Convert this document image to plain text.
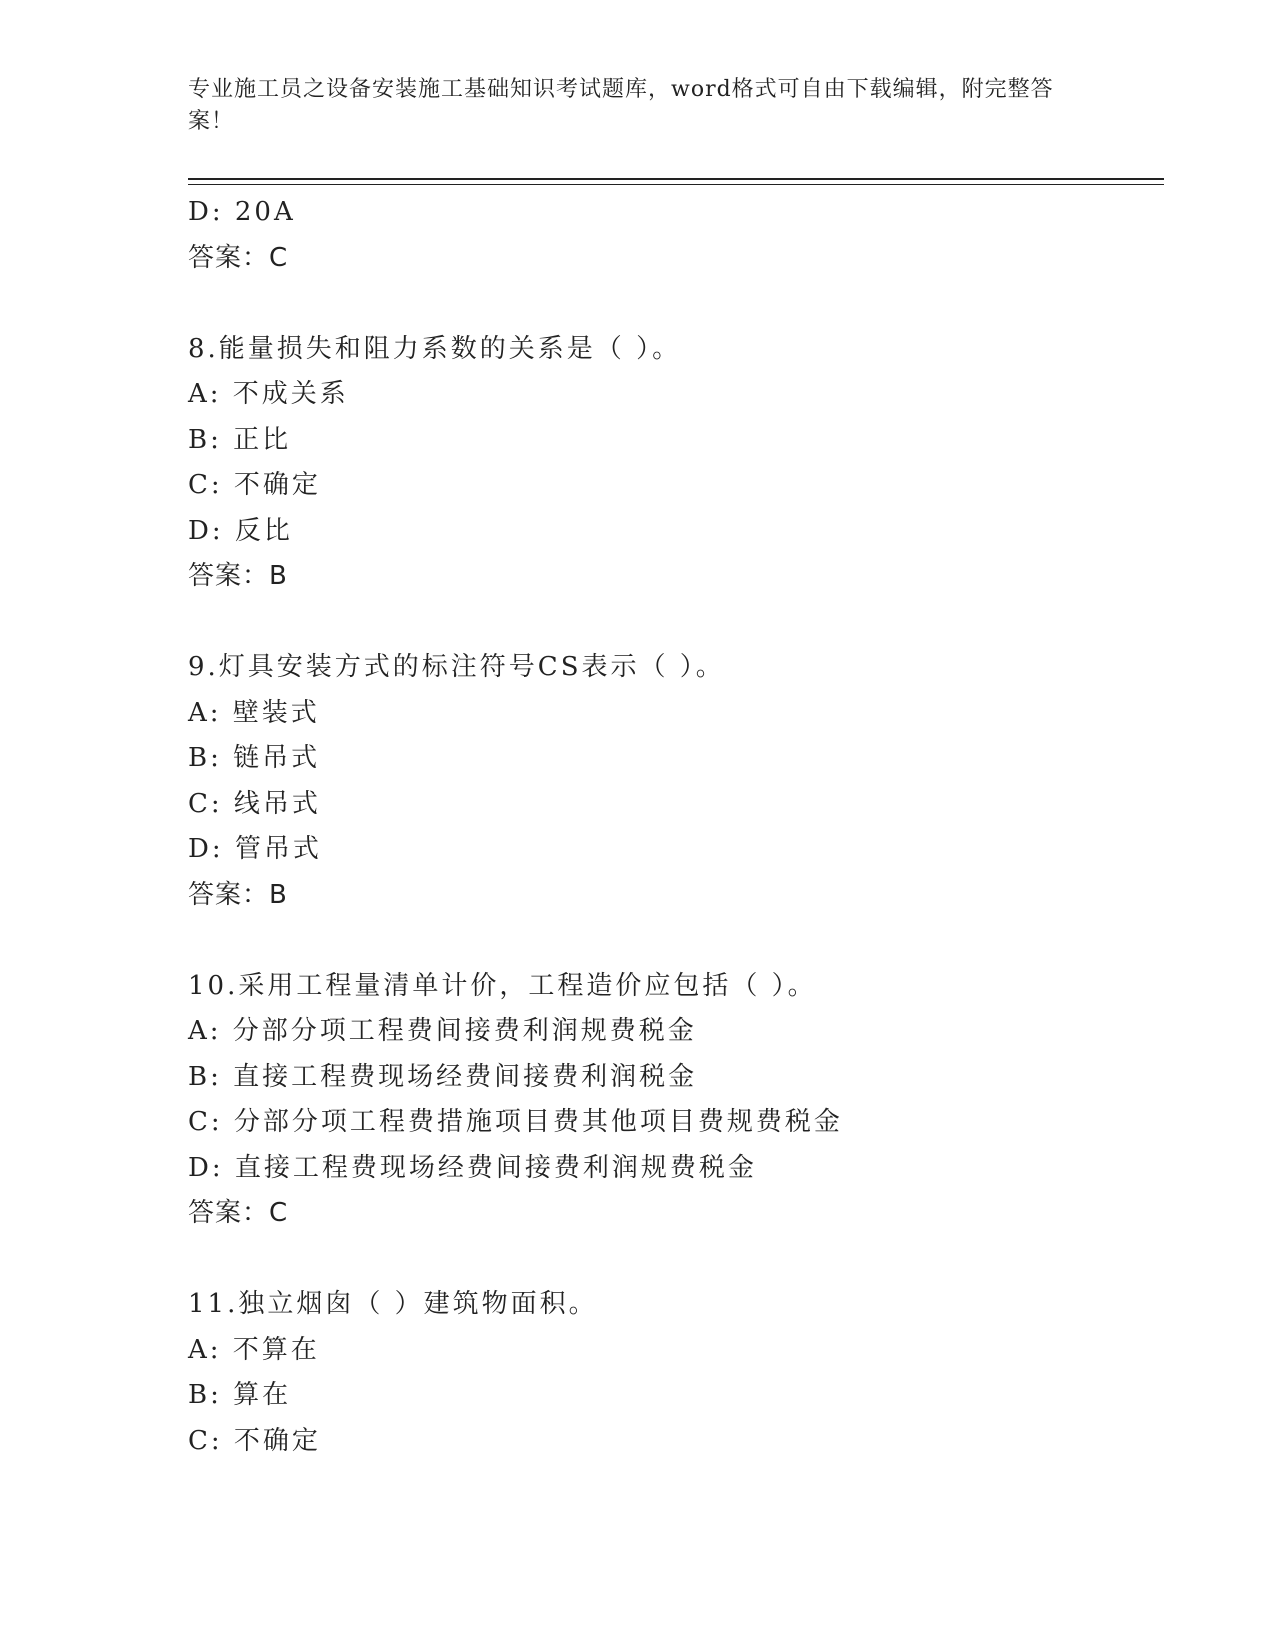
专业施工员之设备安装施工基础知识考试题库，word格式可自由下载编辑，附完整答案！
D: 20A
答案：C
8.能量损失和阻力系数的关系是（ ）。
A: 不成关系
B: 正比
C: 不确定
D: 反比
答案：B
9.灯具安装方式的标注符号CS表示（ ）。
A: 壁装式
B: 链吊式
C: 线吊式
D: 管吊式
答案：B
10.采用工程量清单计价，工程造价应包括（ ）。
A: 分部分项工程费间接费利润规费税金
B: 直接工程费现场经费间接费利润税金
C: 分部分项工程费措施项目费其他项目费规费税金
D: 直接工程费现场经费间接费利润规费税金
答案：C
11.独立烟囱（ ）建筑物面积。
A: 不算在
B: 算在
C: 不确定
